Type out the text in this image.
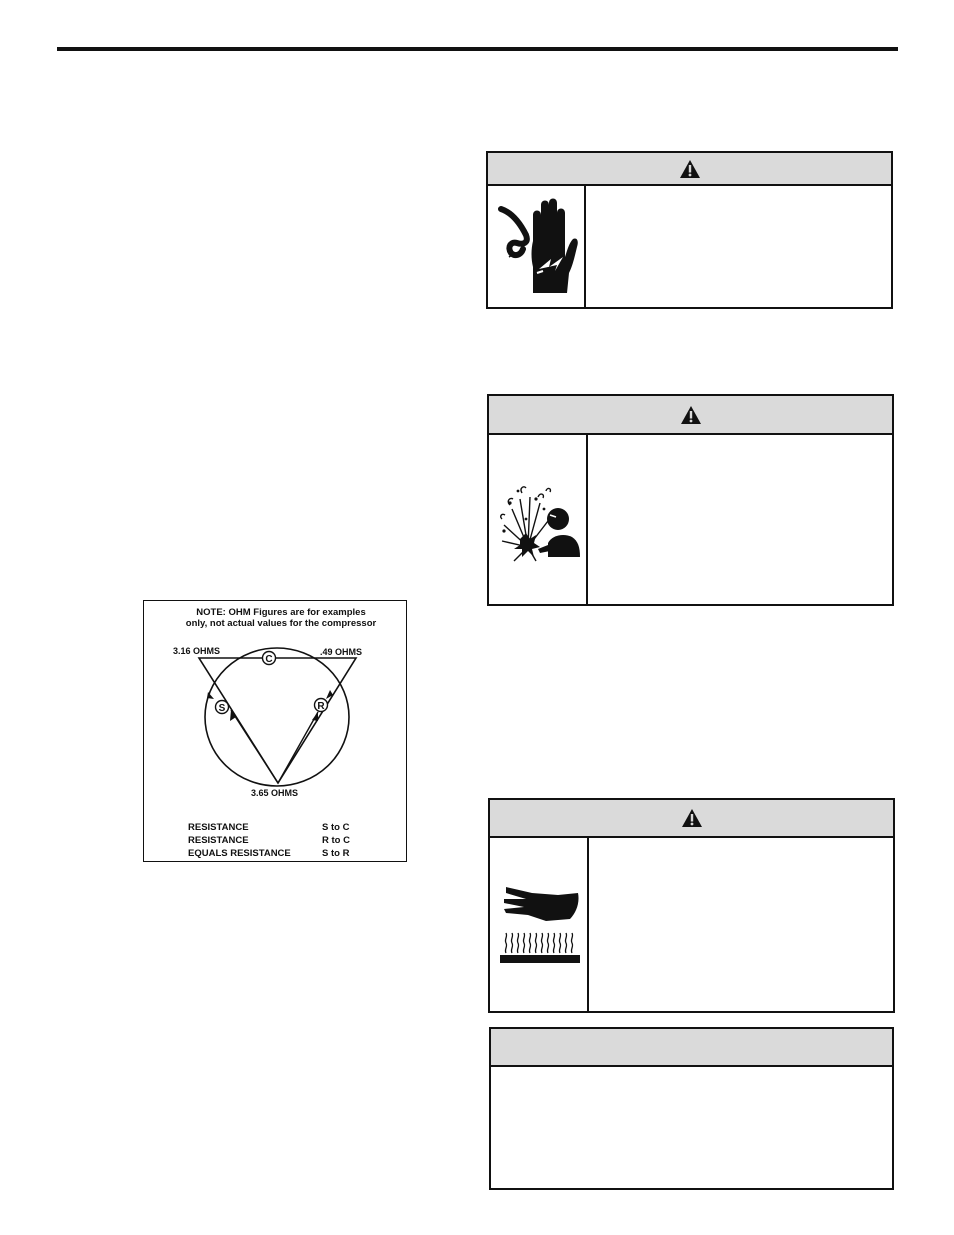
NOTE: OHM Figures are for examples
only, not actual values for the compressor
C
S	R
3.16 OHMS	.49 OHMS
3.65 OHMS
RESISTANCE	S to C
RESISTANCE	R to C
EQUALS RESISTANCE	S to R
